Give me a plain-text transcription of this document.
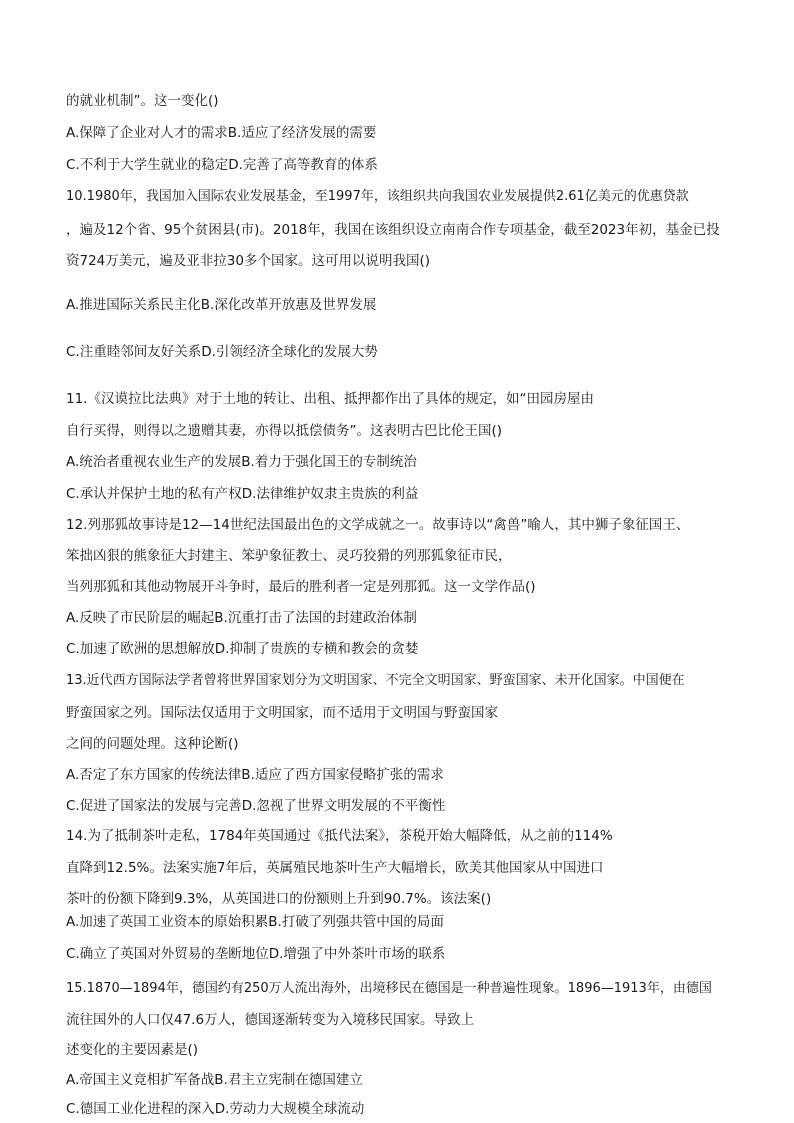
的就业机制”。这一变化()
A.保障了企业对人才的需求B.适应了经济发展的需要
C.不利于大学生就业的稳定D.完善了高等教育的体系
10.1980年，我国加入国际农业发展基金，至1997年，该组织共向我国农业发展提供2.61亿美元的优惠贷款
，遍及12个省、95个贫困县(市)。2018年，我国在该组织设立南南合作专项基金，截至2023年初，基金已投
资724万美元，遍及亚非拉30多个国家。这可用以说明我国()
A.推进国际关系民主化B.深化改革开放惠及世界发展
C.注重睦邻间友好关系D.引领经济全球化的发展大势
11.《汉谟拉比法典》对于土地的转让、出租、抵押都作出了具体的规定，如“田园房屋由
自行买得，则得以之遗赠其妻，亦得以抵偿债务”。这表明古巴比伦王国()
A.统治者重视农业生产的发展B.着力于强化国王的专制统治
C.承认并保护土地的私有产权D.法律维护奴隶主贵族的利益
12.列那狐故事诗是12—14世纪法国最出色的文学成就之一。故事诗以“禽兽”喻人，其中狮子象征国王、
笨拙凶狠的熊象征大封建主、笨驴象征教士、灵巧狡猾的列那狐象征市民，
当列那狐和其他动物展开斗争时，最后的胜利者一定是列那狐。这一文学作品()
A.反映了市民阶层的崛起B.沉重打击了法国的封建政治体制
C.加速了欧洲的思想解放D.抑制了贵族的专横和教会的贪婪
13.近代西方国际法学者曾将世界国家划分为文明国家、不完全文明国家、野蛮国家、未开化国家。中国便在
野蛮国家之列。国际法仅适用于文明国家，而不适用于文明国与野蛮国家
之间的问题处理。这种论断()
A.否定了东方国家的传统法律B.适应了西方国家侵略扩张的需求
C.促进了国家法的发展与完善D.忽视了世界文明发展的不平衡性
14.为了抵制茶叶走私，1784年英国通过《抵代法案》，茶税开始大幅降低，从之前的114%
直降到12.5%。法案实施7年后，英属殖民地茶叶生产大幅增长，欧美其他国家从中国进口
茶叶的份额下降到9.3%，从英国进口的份额则上升到90.7%。该法案()
A.加速了英国工业资本的原始积累B.打破了列强共管中国的局面
C.确立了英国对外贸易的垄断地位D.增强了中外茶叶市场的联系
15.1870—1894年，德国约有250万人流出海外，出境移民在德国是一种普遍性现象。1896—1913年，由德国
流往国外的人口仅47.6万人，德国逐渐转变为入境移民国家。导致上
述变化的主要因素是()
A.帝国主义竞相扩军备战B.君主立宪制在德国建立
C.德国工业化进程的深入D.劳动力大规模全球流动
